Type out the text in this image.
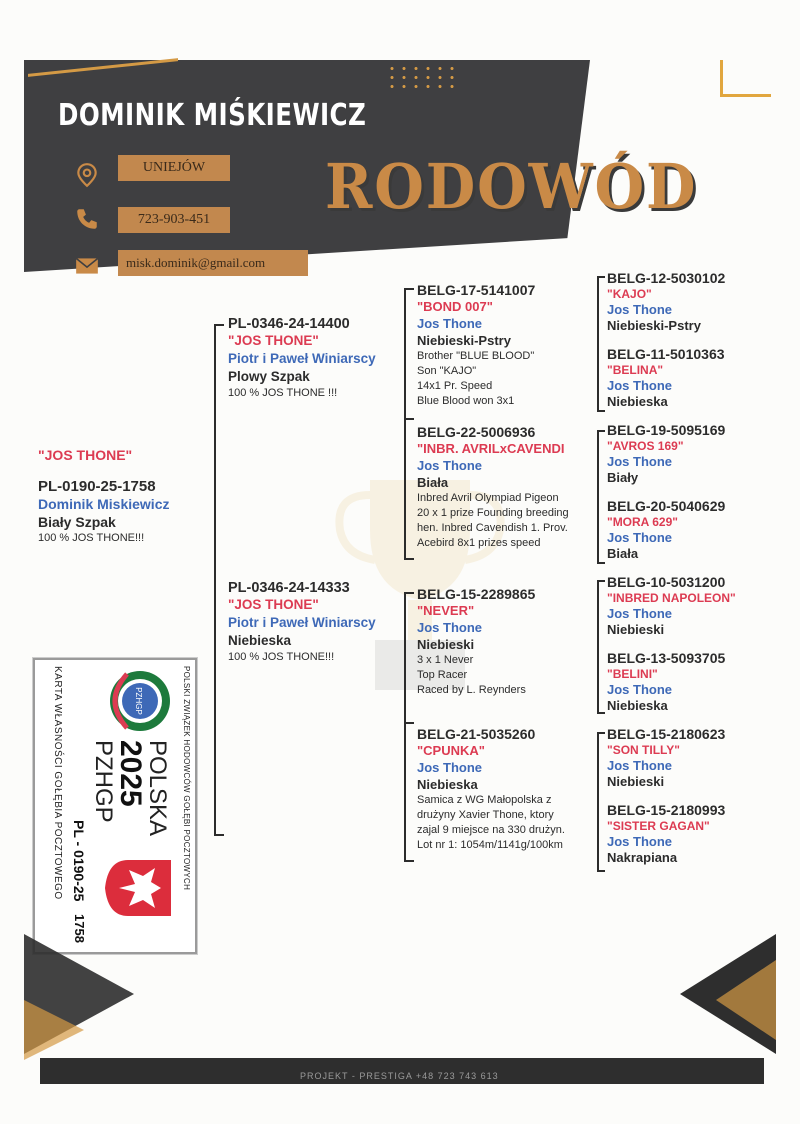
DOMINIK MIŚKIEWICZ
UNIEJÓW
723-903-451
misk.dominik@gmail.com
RODOWÓD
"JOS THONE"
PL-0190-25-1758
Dominik Miskiewicz
Biały Szpak
100 % JOS THONE!!!
PL-0346-24-14400
"JOS THONE"
Piotr i Paweł Winiarscy
Plowy Szpak
100 % JOS THONE !!!
PL-0346-24-14333
"JOS THONE"
Piotr i Paweł Winiarscy
Niebieska
100 % JOS THONE!!!
BELG-17-5141007
"BOND 007"
Jos Thone
Niebieski-Pstry
Brother "BLUE BLOOD"
Son "KAJO"
14x1 Pr. Speed
Blue Blood won 3x1
BELG-22-5006936
"INBR. AVRILxCAVENDI
Jos Thone
Biała
Inbred Avril Olympiad Pigeon
20 x 1 prize Founding breeding
hen. Inbred Cavendish 1. Prov.
Acebird 8x1 prizes speed
BELG-15-2289865
"NEVER"
Jos Thone
Niebieski
3 x 1 Never
Top Racer
Raced by L. Reynders
BELG-21-5035260
"CPUNKA"
Jos Thone
Niebieska
Samica z WG Małopolska z
drużyny Xavier Thone, ktory
zajal 9 miejsce na 330 drużyn.
Lot nr 1: 1054m/1141g/100km
BELG-12-5030102
"KAJO"
Jos Thone
Niebieski-Pstry
BELG-11-5010363
"BELINA"
Jos Thone
Niebieska
BELG-19-5095169
"AVROS 169"
Jos Thone
Biały
BELG-20-5040629
"MORA 629"
Jos Thone
Biała
BELG-10-5031200
"INBRED NAPOLEON"
Jos Thone
Niebieski
BELG-13-5093705
"BELINI"
Jos Thone
Niebieska
BELG-15-2180623
"SON TILLY"
Jos Thone
Niebieski
BELG-15-2180993
"SISTER GAGAN"
Jos Thone
Nakrapiana
POLSKI ZWIĄZEK HODOWCÓW GOŁĘBI POCZTOWYCH
PZHGP
POLSKA
2025
PZHGP
PL - 0190-25
1758
KARTA WŁASNOŚCI GOŁĘBIA POCZTOWEGO
PROJEKT - PRESTIGA +48 723 743 613
